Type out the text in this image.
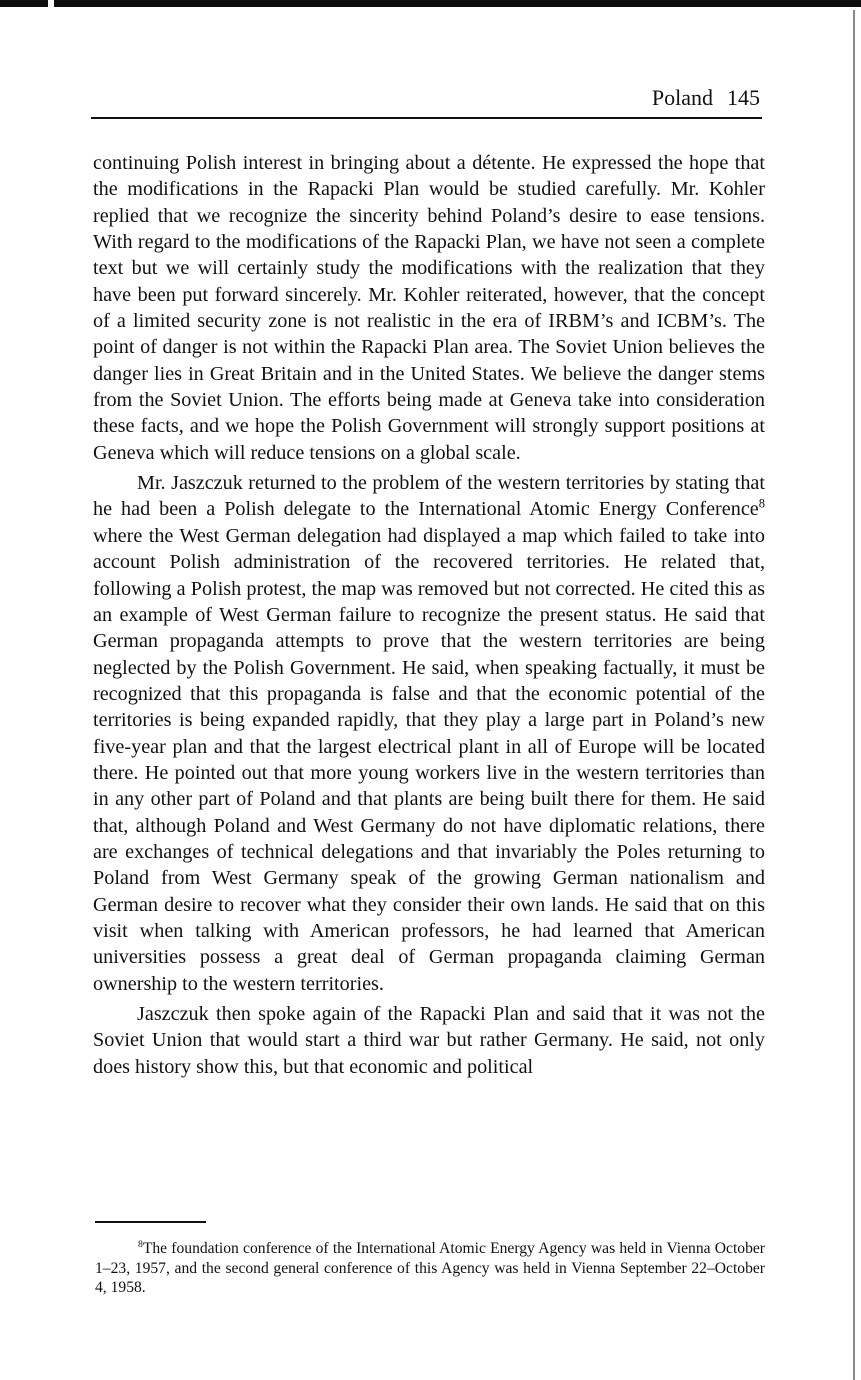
Poland 145

continuing Polish interest in bringing about a détente. He expressed the hope that the modifications in the Rapacki Plan would be studied carefully. Mr. Kohler replied that we recognize the sincerity behind Poland’s desire to ease tensions. With regard to the modifications of the Rapacki Plan, we have not seen a complete text but we will certainly study the modifications with the realization that they have been put forward sincerely. Mr. Kohler reiterated, however, that the concept of a limited security zone is not realistic in the era of IRBM’s and ICBM’s. The point of danger is not within the Rapacki Plan area. The Soviet Union believes the danger lies in Great Britain and in the United States. We believe the danger stems from the Soviet Union. The efforts being made at Geneva take into consideration these facts, and we hope the Polish Government will strongly support positions at Geneva which will reduce tensions on a global scale.

Mr. Jaszczuk returned to the problem of the western territories by stating that he had been a Polish delegate to the International Atomic Energy Conference$^8$ where the West German delegation had displayed a map which failed to take into account Polish administration of the recovered territories. He related that, following a Polish protest, the map was removed but not corrected. He cited this as an example of West German failure to recognize the present status. He said that German propaganda attempts to prove that the western territories are being neglected by the Polish Government. He said, when speaking factually, it must be recognized that this propaganda is false and that the economic potential of the territories is being expanded rapidly, that they play a large part in Poland’s new five-year plan and that the largest electrical plant in all of Europe will be located there. He pointed out that more young workers live in the western territories than in any other part of Poland and that plants are being built there for them. He said that, although Poland and West Germany do not have diplomatic relations, there are exchanges of technical delegations and that invariably the Poles returning to Poland from West Germany speak of the growing German nationalism and German desire to recover what they consider their own lands. He said that on this visit when talking with American professors, he had learned that American universities possess a great deal of German propaganda claiming German ownership to the western territories.

Jaszczuk then spoke again of the Rapacki Plan and said that it was not the Soviet Union that would start a third war but rather Germany. He said, not only does history show this, but that economic and political

$^8$The foundation conference of the International Atomic Energy Agency was held in Vienna October 1–23, 1957, and the second general conference of this Agency was held in Vienna September 22–October 4, 1958.
